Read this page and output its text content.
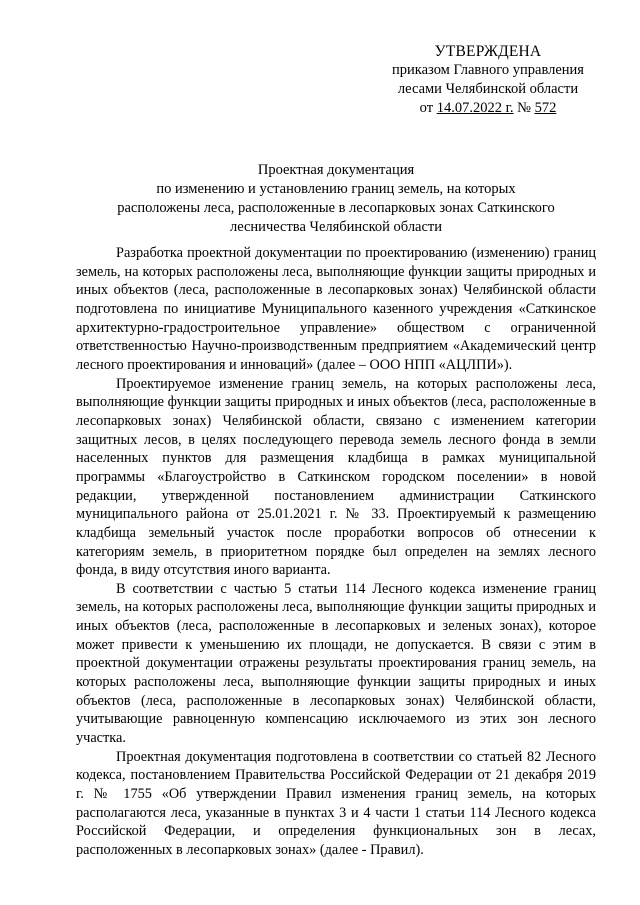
УТВЕРЖДЕНА
приказом Главного управления
лесами Челябинской области
от 14.07.2022 г. № 572
Проектная документация
по изменению и установлению границ земель, на которых
расположены леса, расположенные в лесопарковых зонах Саткинского
лесничества Челябинской области

Разработка проектной документации по проектированию (изменению) границ земель, на которых расположены леса, выполняющие функции защиты природных и иных объектов (леса, расположенные в лесопарковых зонах) Челябинской области подготовлена по инициативе Муниципального казенного учреждения «Саткинское архитектурно-градостроительное управление» обществом с ограниченной ответственностью Научно-производственным предприятием «Академический центр лесного проектирования и инноваций» (далее – ООО НПП «АЦЛПИ»).

Проектируемое изменение границ земель, на которых расположены леса, выполняющие функции защиты природных и иных объектов (леса, расположенные в лесопарковых зонах) Челябинской области, связано с изменением категории защитных лесов, в целях последующего перевода земель лесного фонда в земли населенных пунктов для размещения кладбища в рамках муниципальной программы «Благоустройство в Саткинском городском поселении» в новой редакции, утвержденной постановлением администрации Саткинского муниципального района от 25.01.2021 г. № 33. Проектируемый к размещению кладбища земельный участок после проработки вопросов об отнесении к категориям земель, в приоритетном порядке был определен на землях лесного фонда, в виду отсутствия иного варианта.

В соответствии с частью 5 статьи 114 Лесного кодекса изменение границ земель, на которых расположены леса, выполняющие функции защиты природных и иных объектов (леса, расположенные в лесопарковых и зеленых зонах), которое может привести к уменьшению их площади, не допускается. В связи с этим в проектной документации отражены результаты проектирования границ земель, на которых расположены леса, выполняющие функции защиты природных и иных объектов (леса, расположенные в лесопарковых зонах) Челябинской области, учитывающие равноценную компенсацию исключаемого из этих зон лесного участка.

Проектная документация подготовлена в соответствии со статьей 82 Лесного кодекса, постановлением Правительства Российской Федерации от 21 декабря 2019 г. № 1755 «Об утверждении Правил изменения границ земель, на которых располагаются леса, указанные в пунктах 3 и 4 части 1 статьи 114 Лесного кодекса Российской Федерации, и определения функциональных зон в лесах, расположенных в лесопарковых зонах» (далее - Правил).
